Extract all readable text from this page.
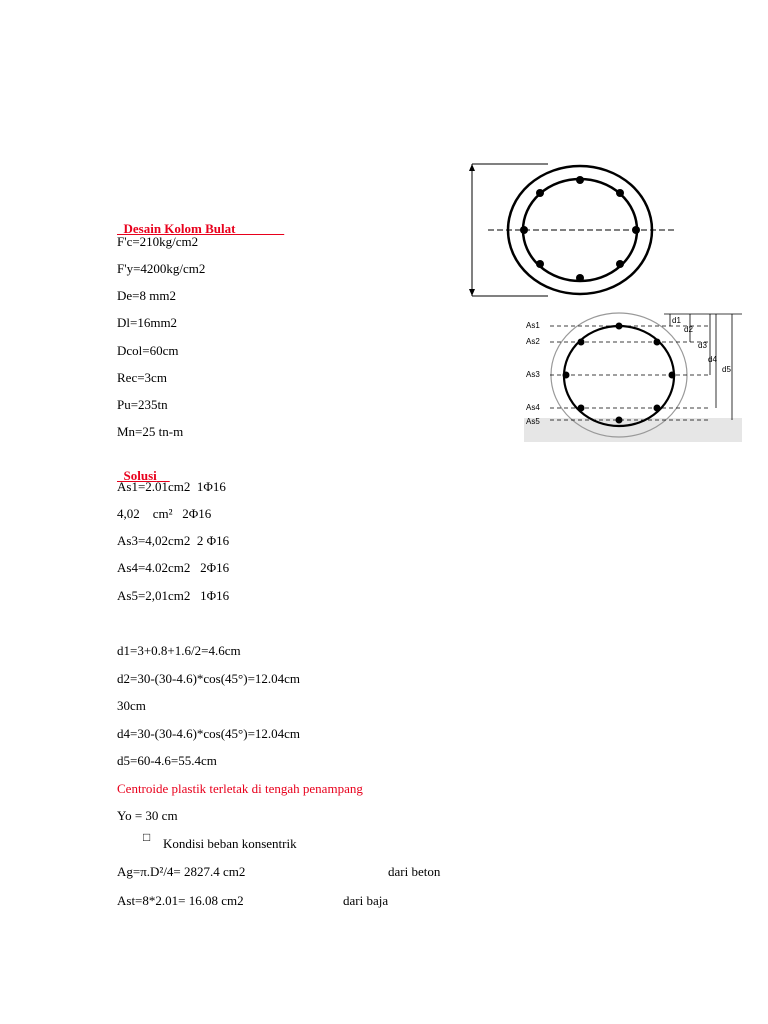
Desain Kolom Bulat

F'c=210kg/cm2
F'y=4200kg/cm2
De=8 mm2
Dl=16mm2
Dcol=60cm
Rec=3cm
Pu=235tn
Mn=25 tn-m

Solusi

As1=2.01cm2  1Φ16
4,02    cm²   2Φ16
As3=4,02cm2  2 Φ16
As4=4.02cm2   2Φ16
As5=2,01cm2   1Φ16
d1=3+0.8+1.6/2=4.6cm
d2=30-(30-4.6)*cos(45°)=12.04cm
30cm
d4=30-(30-4.6)*cos(45°)=12.04cm
d5=60-4.6=55.4cm
Centroide plastik terletak di tengah penampang
Yo = 30 cm
□ Kondisi beban konsentrik
Ag=π.D²/4= 2827.4 cm2	dari beton
Ast=8*2.01= 16.08 cm2	dari baja
As1
As2
As3
As4
As5
d1
d2
d3
d4
d5
